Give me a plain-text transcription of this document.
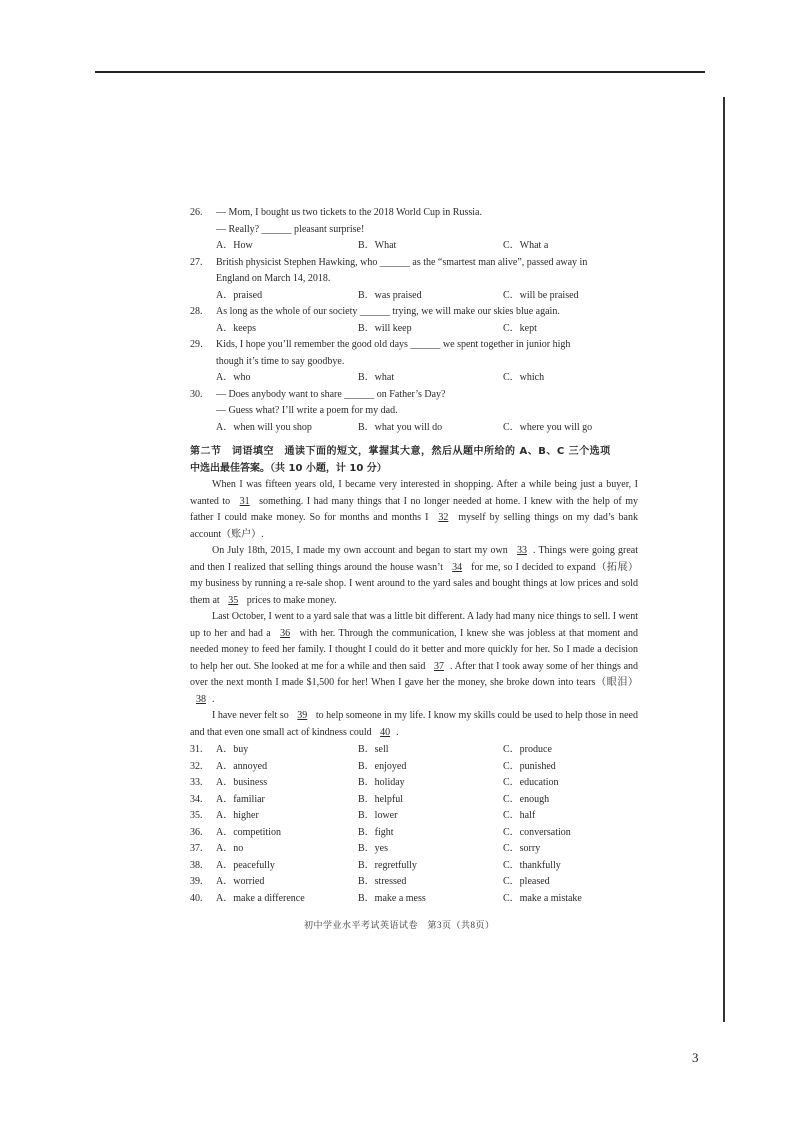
26.	— Mom, I bought us two tickets to the 2018 World Cup in Russia.
— Really? ______ pleasant surprise!
A．How	B．What	C．What a
27.	British physicist Stephen Hawking, who ______ as the “smartest man alive”, passed away in
England on March 14, 2018.
A．praised	B．was praised	C．will be praised
28.	As long as the whole of our society ______ trying, we will make our skies blue again.
A．keeps	B．will keep	C．kept
29． Kids, I hope you’ll remember the good old days ______ we spent together in junior high
though it’s time to say goodbye.
A．who	B．what	C．which
30.	— Does anybody want to share ______ on Father’s Day?
— Guess what? I’ll write a poem for my dad.
A．when will you shop	B．what you will do	C．where you will go
第二节　词语填空　通读下面的短文，掌握其大意，然后从题中所给的 A、B、C 三个选项
中选出最佳答案。（共 10 小题，计 10 分）

When I was fifteen years old, I became very interested in shopping. After a while being just a buyer, I wanted to 31 something. I had many things that I no longer needed at home. I knew with the help of my father I could make money. So for months and months I 32 myself by selling things on my dad’s bank account（账户）.

On July 18th, 2015, I made my own account and began to start my own 33 . Things were going great and then I realized that selling things around the house wasn’t 34 for me, so I decided to expand（拓展）my business by running a re-sale shop. I went around to the yard sales and bought things at low prices and sold them at 35 prices to make money.

Last October, I went to a yard sale that was a little bit different. A lady had many nice things to sell. I went up to her and had a 36 with her. Through the communication, I knew she was jobless at that moment and needed money to feed her family. I thought I could do it better and more quickly for her. So I made a decision to help her out. She looked at me for a while and then said 37 . After that I took away some of her things and over the next month I made $1,500 for her! When I gave her the money, she broke down into tears（眼泪）38 .

I have never felt so 39 to help someone in my life. I know my skills could be used to help those in need and that even one small act of kindness could 40 .

31. A．buy	B．sell	C．produce
32. A．annoyed	B．enjoyed	C．punished
33. A．business	B．holiday	C．education
34. A．familiar	B．helpful	C．enough
35. A．higher	B．lower	C．half
36. A．competition	B．fight	C．conversation
37. A．no	B．yes	C．sorry
38. A．peacefully	B．regretfully	C．thankfully
39. A．worried	B．stressed	C．pleased
40. A．make a difference	B．make a mess	C．make a mistake
初中学业水平考试英语试卷　第3页（共8页）
3
